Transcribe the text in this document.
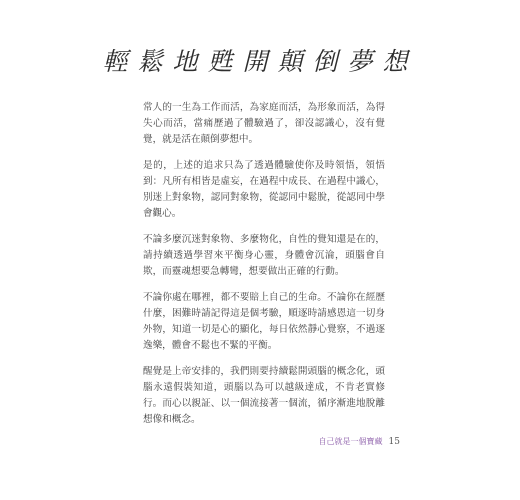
輕鬆地甦開顛倒夢想

常人的一生為工作而活，為家庭而活，為形象而活，為得失心而活，當痛歷過了體驗過了，卻沒認識心，沒有覺覺，就是活在顛倒夢想中。

是的，上述的追求只為了透過體驗使你及時領悟，領悟到：凡所有相皆是虛妄，在過程中成長、在過程中識心，別迷上對象物，認同對象物，從認同中鬆脫，從認同中學會觀心。

不論多麼沉迷對象物、多麼物化，自性的覺知還是在的，請持續透過學習來平衡身心靈，身體會沉淪，頭腦會自欺，而靈魂想要急轉彎，想要做出正確的行動。

不論你處在哪裡，都不要賠上自己的生命。不論你在經歷什麼，困難時請記得這是個考驗，順逐時請感恩這一切身外物，知道一切是心的顯化，每日依然靜心覺察，不過逐逸樂，體會不鬆也不緊的平衡。

醒覺是上帝安排的，我們則要持續鬆開頭腦的概念化，頭腦永遠假裝知道，頭腦以為可以越級達成，不肯老實修行。而心以親証、以一個流接著一個流，循序漸進地脫離想像和概念。

自己就是一個寶藏 15
